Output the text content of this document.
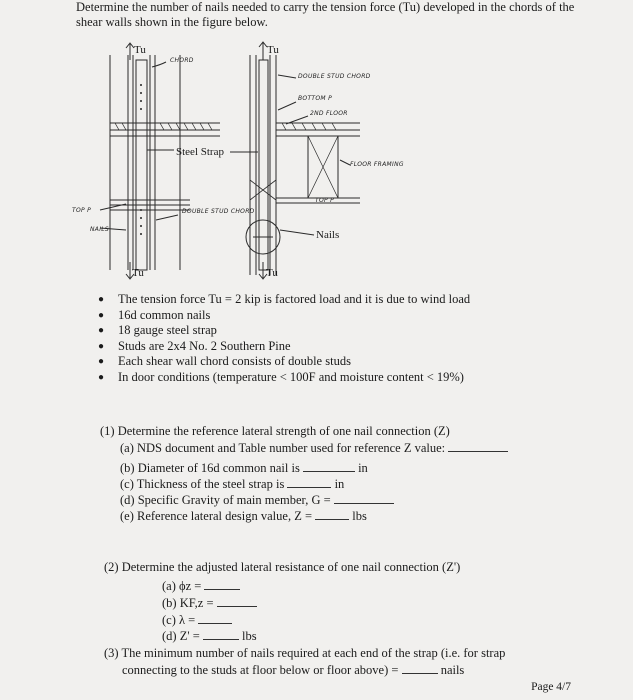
Determine the number of nails needed to carry the tension force (Tu) developed in the chords of the shear walls shown in the figure below.
Tu
Tu
Tu
Tu
CHORD
Steel Strap
TOP P
NAILS
DOUBLE STUD CHORD
DOUBLE STUD CHORD
BOTTOM P
2ND FLOOR
FLOOR FRAMING
TOP P
Nails
●	The tension force Tu = 2 kip is factored load and it is due to wind load
●	16d common nails
●	18 gauge steel strap
●	Studs are 2x4 No. 2 Southern Pine
●	Each shear wall chord consists of double studs
●	In door conditions (temperature < 100F and moisture content < 19%)
(1) Determine the reference lateral strength of one nail connection (Z)
(a) NDS document and Table number used for reference Z value:
(b) Diameter of 16d common nail is	in
(c) Thickness of the steel strap is	in
(d) Specific Gravity of main member, G =
(e) Reference lateral design value, Z =	lbs
(2) Determine the adjusted lateral resistance of one nail connection (Z')
(a) ϕz =
(b) KF,z =
(c) λ =
(d) Z' =	lbs
(3) The minimum number of nails required at each end of the strap (i.e. for strap
connecting to the studs at floor below or floor above) =	nails
Page 4/7
